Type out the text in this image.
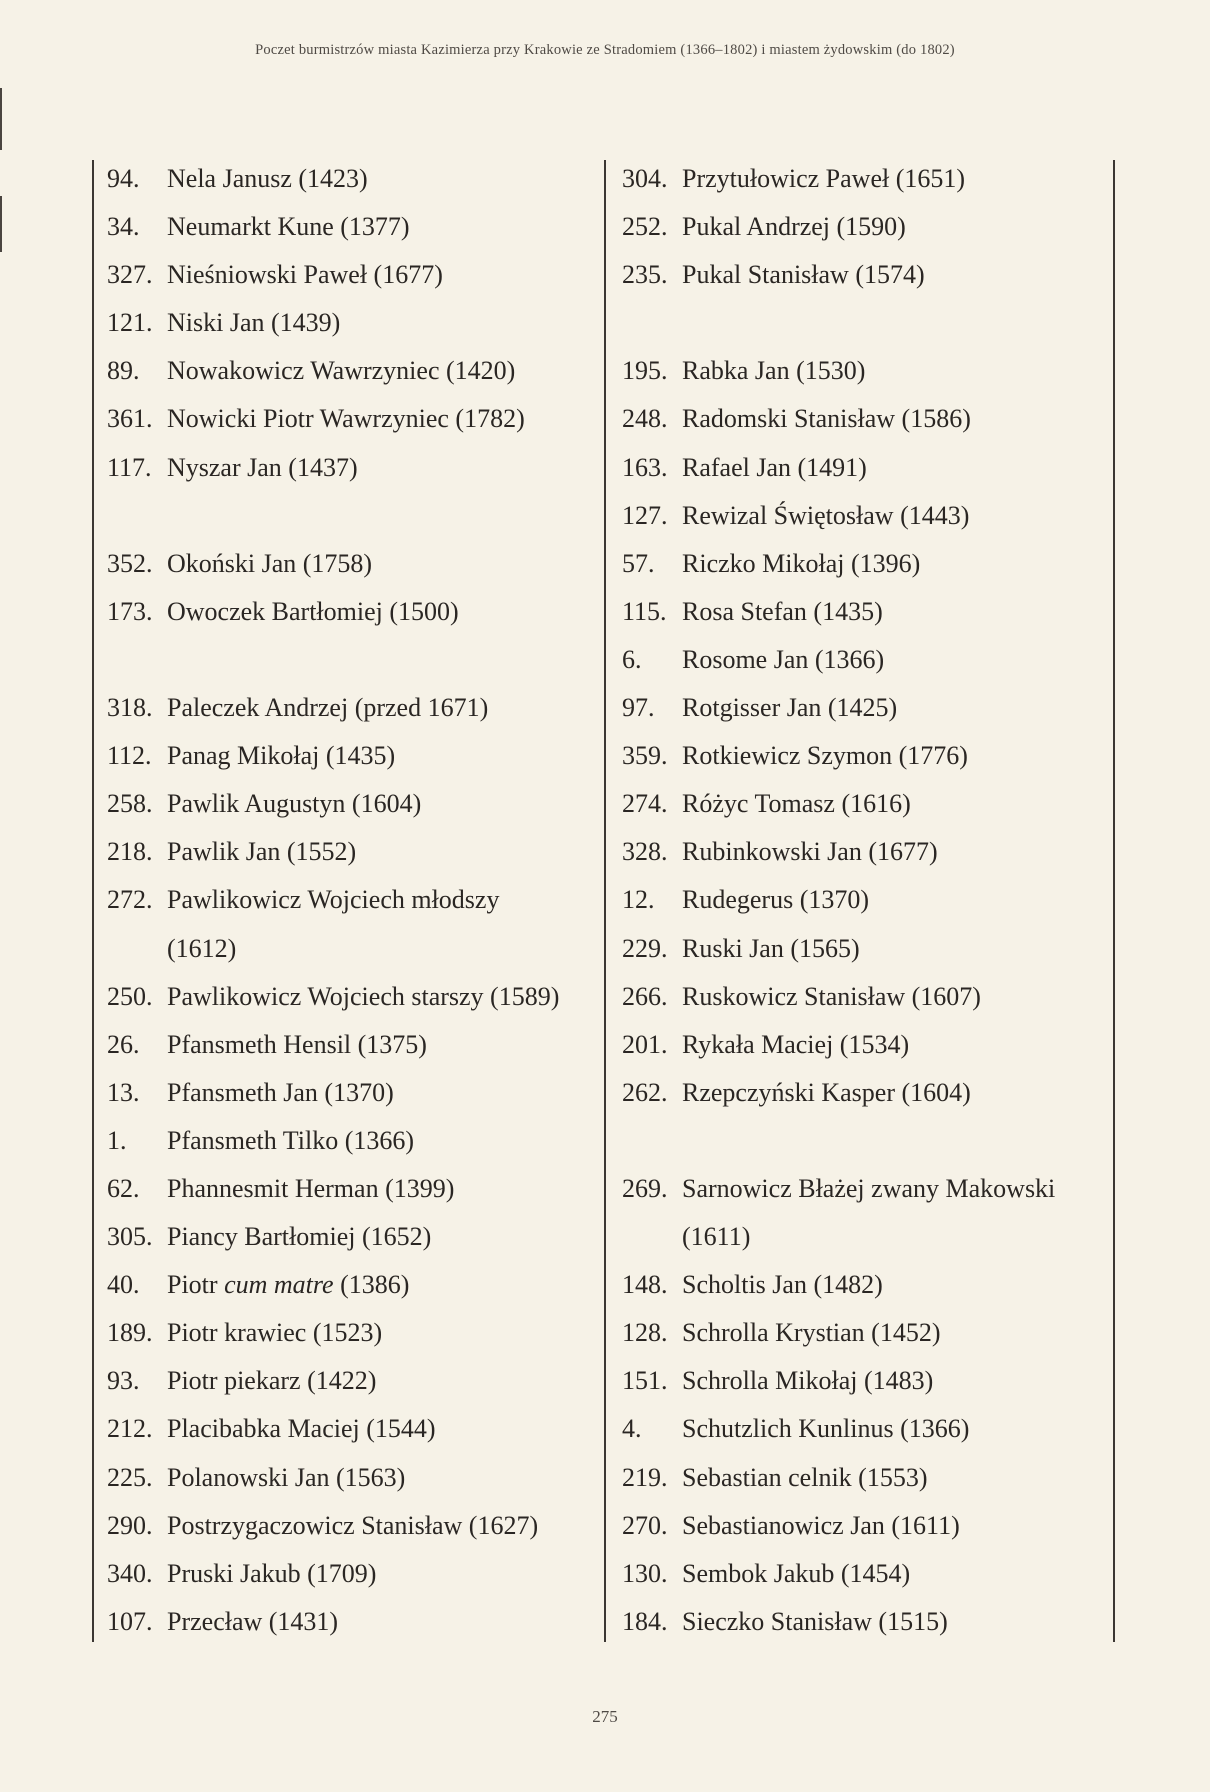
Poczet burmistrzów miasta Kazimierza przy Krakowie ze Stradomiem (1366–1802) i miastem żydowskim (do 1802)
94.	Nela Janusz (1423)
34.	Neumarkt Kune (1377)
327. Nieśniowski Paweł (1677)
121. Niski Jan (1439)
89.	Nowakowicz Wawrzyniec (1420)
361. Nowicki Piotr Wawrzyniec (1782)
117. Nyszar Jan (1437)
352. Okoński Jan (1758)
173. Owoczek Bartłomiej (1500)
318. Paleczek Andrzej (przed 1671)
112. Panag Mikołaj (1435)
258. Pawlik Augustyn (1604)
218. Pawlik Jan (1552)
272. Pawlikowicz Wojciech młodszy
(1612)
250. Pawlikowicz Wojciech starszy (1589)
26.	Pfansmeth Hensil (1375)
13.	Pfansmeth Jan (1370)
1.	Pfansmeth Tilko (1366)
62.	Phannesmit Herman (1399)
305. Piancy Bartłomiej (1652)
40.	Piotr cum matre (1386)
189. Piotr krawiec (1523)
93.	Piotr piekarz (1422)
212. Placibabka Maciej (1544)
225. Polanowski Jan (1563)
290. Postrzygaczowicz Stanisław (1627)
340. Pruski Jakub (1709)
107. Przecław (1431)
304. Przytułowicz Paweł (1651)
252. Pukal Andrzej (1590)
235. Pukal Stanisław (1574)
195. Rabka Jan (1530)
248. Radomski Stanisław (1586)
163. Rafael Jan (1491)
127. Rewizal Świętosław (1443)
57.	Riczko Mikołaj (1396)
115. Rosa Stefan (1435)
6.	Rosome Jan (1366)
97.	Rotgisser Jan (1425)
359. Rotkiewicz Szymon (1776)
274. Różyc Tomasz (1616)
328. Rubinkowski Jan (1677)
12.	Rudegerus (1370)
229. Ruski Jan (1565)
266. Ruskowicz Stanisław (1607)
201. Rykała Maciej (1534)
262. Rzepczyński Kasper (1604)
269. Sarnowicz Błażej zwany Makowski
(1611)
148. Scholtis Jan (1482)
128. Schrolla Krystian (1452)
151. Schrolla Mikołaj (1483)
4.	Schutzlich Kunlinus (1366)
219. Sebastian celnik (1553)
270. Sebastianowicz Jan (1611)
130. Sembok Jakub (1454)
184. Sieczko Stanisław (1515)
275
